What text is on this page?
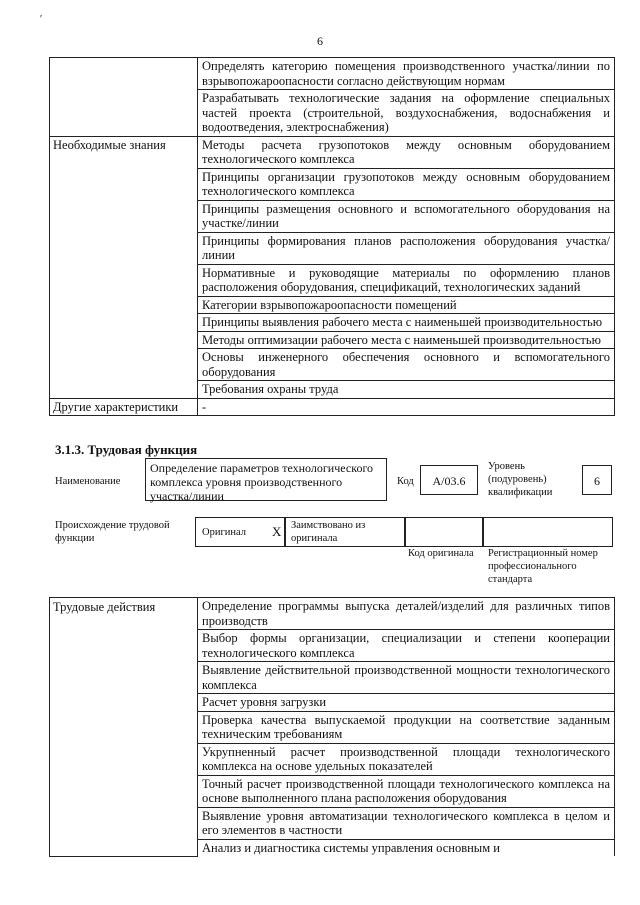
ʹ
6
	Определять категорию помещения производственного участка/линии по взрывопожароопасности согласно действующим нормам
	Разрабатывать технологические задания на оформление специальных частей проекта (строительной, воздухоснабжения, водоснабжения и водоотведения, электроснабжения)
Необходимые знания	Методы расчета грузопотоков между основным оборудованием технологического комплекса
	Принципы организации грузопотоков между основным оборудованием технологического комплекса
	Принципы размещения основного и вспомогательного оборудования на участке/линии
	Принципы формирования планов расположения оборудования участка/линии
	Нормативные и руководящие материалы по оформлению планов расположения оборудования, спецификаций, технологических заданий
	Категории взрывопожароопасности помещений
	Принципы выявления рабочего места с наименьшей производительностью
	Методы оптимизации рабочего места с наименьшей производительностью
	Основы инженерного обеспечения основного и вспомогательного оборудования
	Требования охраны труда
Другие характеристики	-
3.1.3. Трудовая функция
Наименование
Определение параметров технологического комплекса уровня производственного участка/линии
Код	A/03.6
Уровень (подуровень) квалификации
6
Происхождение трудовой функции
Оригинал X Заимствовано из оригинала
Код оригинала Регистрационный номер профессионального стандарта
Трудовые действия	Определение программы выпуска деталей/изделий для различных типов производств
Выбор формы организации, специализации и степени кооперации технологического комплекса
Выявление действительной производственной мощности технологического комплекса
Расчет уровня загрузки
Проверка качества выпускаемой продукции на соответствие заданным техническим требованиям
Укрупненный расчет производственной площади технологического комплекса на основе удельных показателей
Точный расчет производственной площади технологического комплекса на основе выполненного плана расположения оборудования
Выявление уровня автоматизации технологического комплекса в целом и его элементов в частности
Анализ и диагностика системы управления основным и
